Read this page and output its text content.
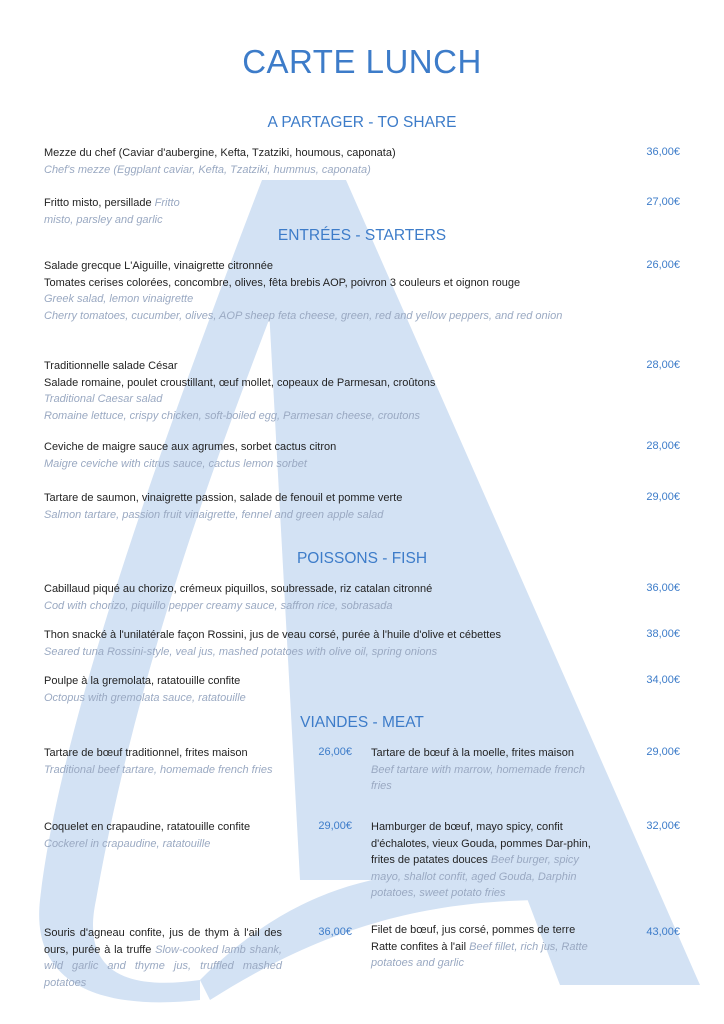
CARTE LUNCH
A PARTAGER - TO SHARE
Mezze du chef (Caviar d'aubergine, Kefta, Tzatziki, houmous, caponata)
Chef's mezze (Eggplant caviar, Kefta, Tzatziki, hummus, caponata)
36,00€
Fritto misto, persillade Fritto misto, parsley and garlic
27,00€
ENTRÉES - STARTERS
Salade grecque L'Aiguille, vinaigrette citronnée
Tomates cerises colorées, concombre, olives, fêta brebis AOP, poivron 3 couleurs et oignon rouge
Greek salad, lemon vinaigrette
Cherry tomatoes, cucumber, olives, AOP sheep feta cheese, green, red and yellow peppers, and red onion
26,00€
Traditionnelle salade César
Salade romaine, poulet croustillant, œuf mollet, copeaux de Parmesan, croûtons
Traditional Caesar salad
Romaine lettuce, crispy chicken, soft-boiled egg, Parmesan cheese, croutons
28,00€
Ceviche de maigre sauce aux agrumes, sorbet cactus citron
Maigre ceviche with citrus sauce, cactus lemon sorbet
28,00€
Tartare de saumon, vinaigrette passion, salade de fenouil et pomme verte
Salmon tartare, passion fruit vinaigrette, fennel and green apple salad
29,00€
POISSONS - FISH
Cabillaud piqué au chorizo, crémeux piquillos, soubressade, riz catalan citronné
Cod with chorizo, piquillo pepper creamy sauce, saffron rice, sobrasada
36,00€
Thon snacké à l'unilatérale façon Rossini, jus de veau corsé, purée à l'huile d'olive et cébettes
Seared tuna Rossini-style, veal jus, mashed potatoes with olive oil, spring onions
38,00€
Poulpe à la gremolata, ratatouille confite
Octopus with gremolata sauce, ratatouille
34,00€
VIANDES - MEAT
Tartare de bœuf traditionnel, frites maison
Traditional beef tartare, homemade french fries
26,00€
Coquelet en crapaudine, ratatouille confite
Cockerel in crapaudine, ratatouille
29,00€
Souris d'agneau confite, jus de thym à l'ail des ours, purée à la truffe Slow-cooked lamb shank, wild garlic and thyme jus, truffled mashed potatoes
36,00€
Tartare de bœuf à la moelle, frites maison
Beef tartare with marrow, homemade french fries
29,00€
Hamburger de bœuf, mayo spicy, confit d'échalotes, vieux Gouda, pommes Dar-phin, frites de patates douces Beef burger, spicy mayo, shallot confit, aged Gouda, Darphin potatoes, sweet potato fries
32,00€
Filet de bœuf, jus corsé, pommes de terre Ratte confites à l'ail Beef fillet, rich jus, Ratte potatoes and garlic
43,00€
